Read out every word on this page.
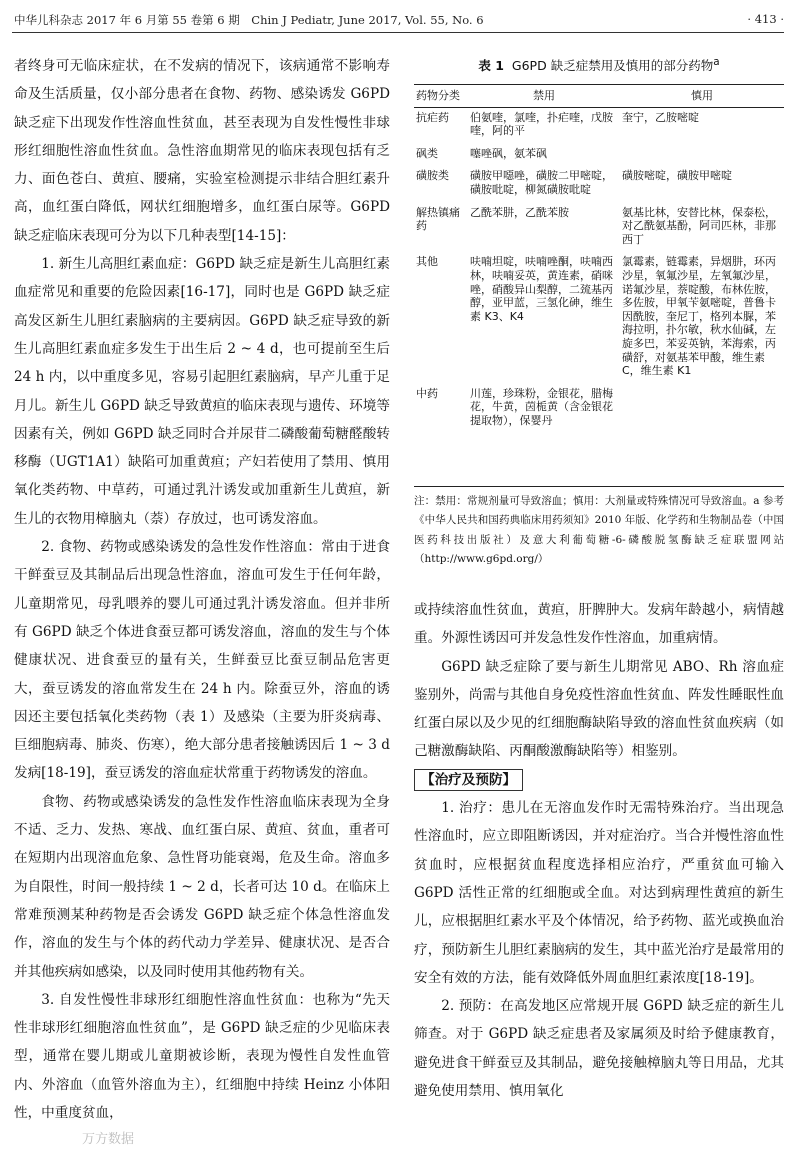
中华儿科杂志 2017 年 6 月第 55 卷第 6 期　Chin J Pediatr, June 2017, Vol. 55, No. 6	· 413 ·

者终身可无临床症状，在不发病的情况下，该病通常不影响寿命及生活质量，仅小部分患者在食物、药物、感染诱发 G6PD 缺乏症下出现发作性溶血性贫血，甚至表现为自发性慢性非球形红细胞性溶血性贫血。急性溶血期常见的临床表现包括有乏力、面色苍白、黄疸、腰痛，实验室检测提示非结合胆红素升高，血红蛋白降低，网状红细胞增多，血红蛋白尿等。G6PD 缺乏症临床表现可分为以下几种表型[14-15]：

1. 新生儿高胆红素血症：G6PD 缺乏症是新生儿高胆红素血症常见和重要的危险因素[16-17]，同时也是 G6PD 缺乏症高发区新生儿胆红素脑病的主要病因。G6PD 缺乏症导致的新生儿高胆红素血症多发生于出生后 2 ~ 4 d，也可提前至生后 24 h 内，以中重度多见，容易引起胆红素脑病，早产儿重于足月儿。新生儿 G6PD 缺乏导致黄疸的临床表现与遗传、环境等因素有关，例如 G6PD 缺乏同时合并尿苷二磷酸葡萄糖醛酸转移酶（UGT1A1）缺陷可加重黄疸；产妇若使用了禁用、慎用氧化类药物、中草药，可通过乳汁诱发或加重新生儿黄疸，新生儿的衣物用樟脑丸（萘）存放过，也可诱发溶血。

2. 食物、药物或感染诱发的急性发作性溶血：常由于进食干鲜蚕豆及其制品后出现急性溶血，溶血可发生于任何年龄，儿童期常见，母乳喂养的婴儿可通过乳汁诱发溶血。但并非所有 G6PD 缺乏个体进食蚕豆都可诱发溶血，溶血的发生与个体健康状况、进食蚕豆的量有关，生鲜蚕豆比蚕豆制品危害更大，蚕豆诱发的溶血常发生在 24 h 内。除蚕豆外，溶血的诱因还主要包括氧化类药物（表 1）及感染（主要为肝炎病毒、巨细胞病毒、肺炎、伤寒），绝大部分患者接触诱因后 1 ~ 3 d 发病[18-19]，蚕豆诱发的溶血症状常重于药物诱发的溶血。

食物、药物或感染诱发的急性发作性溶血临床表现为全身不适、乏力、发热、寒战、血红蛋白尿、黄疸、贫血，重者可在短期内出现溶血危象、急性肾功能衰竭，危及生命。溶血多为自限性，时间一般持续 1 ~ 2 d，长者可达 10 d。在临床上常难预测某种药物是否会诱发 G6PD 缺乏症个体急性溶血发作，溶血的发生与个体的药代动力学差异、健康状况、是否合并其他疾病如感染，以及同时使用其他药物有关。

3. 自发性慢性非球形红细胞性溶血性贫血：也称为“先天性非球形红细胞溶血性贫血”，是 G6PD 缺乏症的少见临床表型，通常在婴儿期或儿童期被诊断，表现为慢性自发性血管内、外溶血（血管外溶血为主），红细胞中持续 Heinz 小体阳性，中重度贫血，

表 1 G6PD 缺乏症禁用及慎用的部分药物$^a$
药物分类	禁用	慎用
抗疟药	伯氨喹，氯喹，扑疟喹，戊胺喹，阿的平	奎宁，乙胺嘧啶
砜类	噻唑砜，氨苯砜	
磺胺类	磺胺甲噁唑，磺胺二甲嘧啶，磺胺吡啶，柳氮磺胺吡啶	磺胺嘧啶，磺胺甲嘧啶
解热镇痛药	乙酰苯肼，乙酰苯胺	氨基比林，安替比林，保泰松，对乙酰氨基酚，阿司匹林，非那西丁
其他	呋喃坦啶，呋喃唑酮，呋喃西林，呋喃妥英，黄连素，硝咪唑，硝酸异山梨醇，二巯基丙醇，亚甲蓝，三氢化砷，维生素 K3、K4	氯霉素，链霉素，异烟肼，环丙沙星，氧氟沙星，左氧氟沙星，诺氟沙星，萘啶酸，布林佐胺，多佐胺，甲氧苄氨嘧啶，普鲁卡因酰胺，奎尼丁，格列本脲，苯海拉明，扑尔敏，秋水仙碱，左旋多巴，苯妥英钠，苯海索，丙磺舒，对氨基苯甲酸，维生素 C，维生素 K1
中药	川莲，珍珠粉，金银花，腊梅花，牛黄，茵栀黄（含金银花提取物），保婴丹	
注：禁用：常规剂量可导致溶血；慎用：大剂量或特殊情况可导致溶血。a 参考《中华人民共和国药典临床用药须知》2010 年版、化学药和生物制品卷（中国医药科技出版社）及意大利葡萄糖-6-磷酸脱氢酶缺乏症联盟网站（http://www.g6pd.org/）

或持续溶血性贫血，黄疸，肝脾肿大。发病年龄越小，病情越重。外源性诱因可并发急性发作性溶血，加重病情。

G6PD 缺乏症除了要与新生儿期常见 ABO、Rh 溶血症鉴别外，尚需与其他自身免疫性溶血性贫血、阵发性睡眠性血红蛋白尿以及少见的红细胞酶缺陷导致的溶血性贫血疾病（如己糖激酶缺陷、丙酮酸激酶缺陷等）相鉴别。

【治疗及预防】

1. 治疗：患儿在无溶血发作时无需特殊治疗。当出现急性溶血时，应立即阻断诱因，并对症治疗。当合并慢性溶血性贫血时，应根据贫血程度选择相应治疗，严重贫血可输入 G6PD 活性正常的红细胞或全血。对达到病理性黄疸的新生儿，应根据胆红素水平及个体情况，给予药物、蓝光或换血治疗，预防新生儿胆红素脑病的发生，其中蓝光治疗是最常用的安全有效的方法，能有效降低外周血胆红素浓度[18-19]。

2. 预防：在高发地区应常规开展 G6PD 缺乏症的新生儿筛查。对于 G6PD 缺乏症患者及家属须及时给予健康教育，避免进食干鲜蚕豆及其制品，避免接触樟脑丸等日用品，尤其避免使用禁用、慎用氧化

万方数据
